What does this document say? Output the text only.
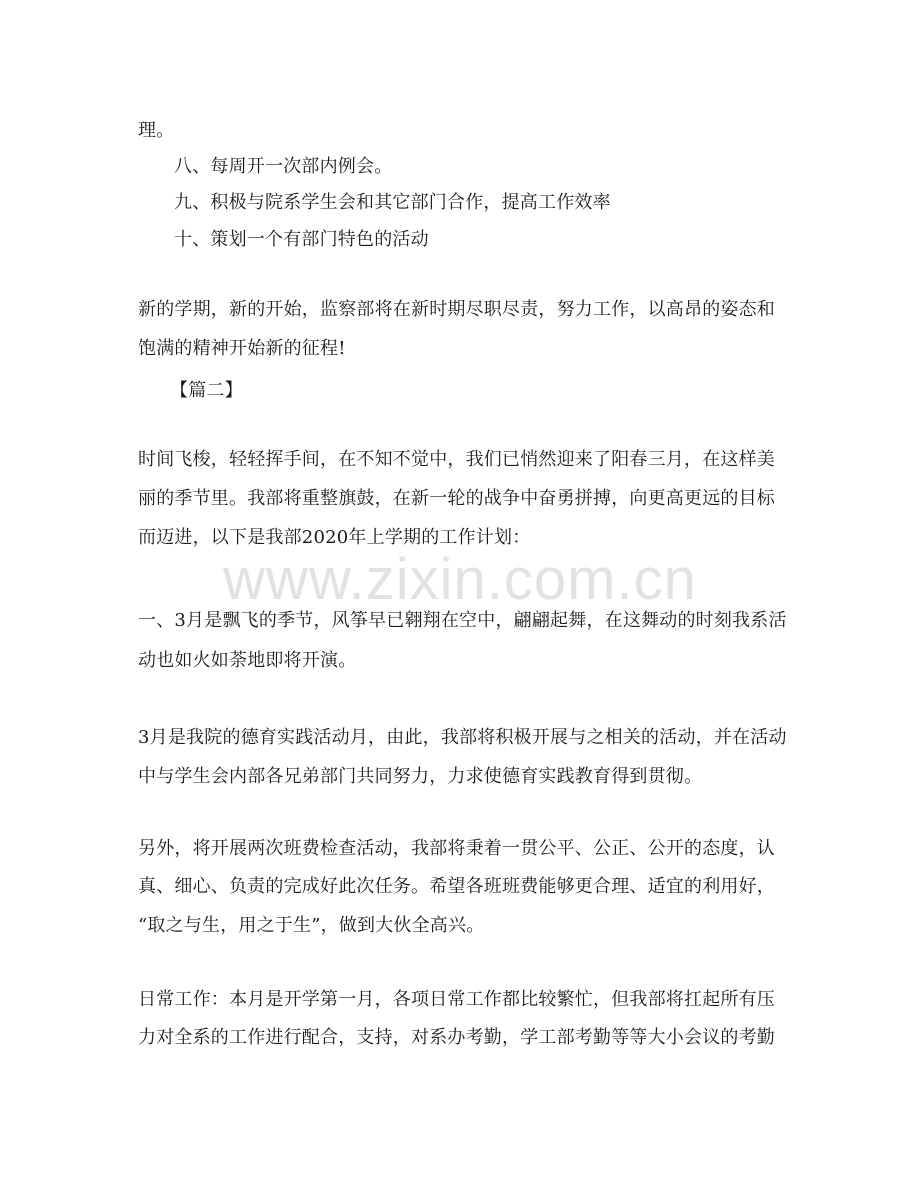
理。
八、每周开一次部内例会。
九、积极与院系学生会和其它部门合作，提高工作效率
十、策划一个有部门特色的活动
新的学期，新的开始，监察部将在新时期尽职尽责，努力工作，以高昂的姿态和
饱满的精神开始新的征程!
【篇二】
时间飞梭，轻轻挥手间，在不知不觉中，我们已悄然迎来了阳春三月，在这样美
丽的季节里。我部将重整旗鼓，在新一轮的战争中奋勇拼搏，向更高更远的目标
而迈进，以下是我部2020年上学期的工作计划：
一、3月是飘飞的季节，风筝早已翱翔在空中，翩翩起舞，在这舞动的时刻我系活
动也如火如荼地即将开演。
3月是我院的德育实践活动月，由此，我部将积极开展与之相关的活动，并在活动
中与学生会内部各兄弟部门共同努力，力求使德育实践教育得到贯彻。
另外，将开展两次班费检查活动，我部将秉着一贯公平、公正、公开的态度，认
真、细心、负责的完成好此次任务。希望各班班费能够更合理、适宜的利用好，
“取之与生，用之于生”，做到大伙全高兴。
日常工作：本月是开学第一月，各项日常工作都比较繁忙，但我部将扛起所有压
力对全系的工作进行配合，支持，对系办考勤，学工部考勤等等大小会议的考勤
www.zixin.com.cn
